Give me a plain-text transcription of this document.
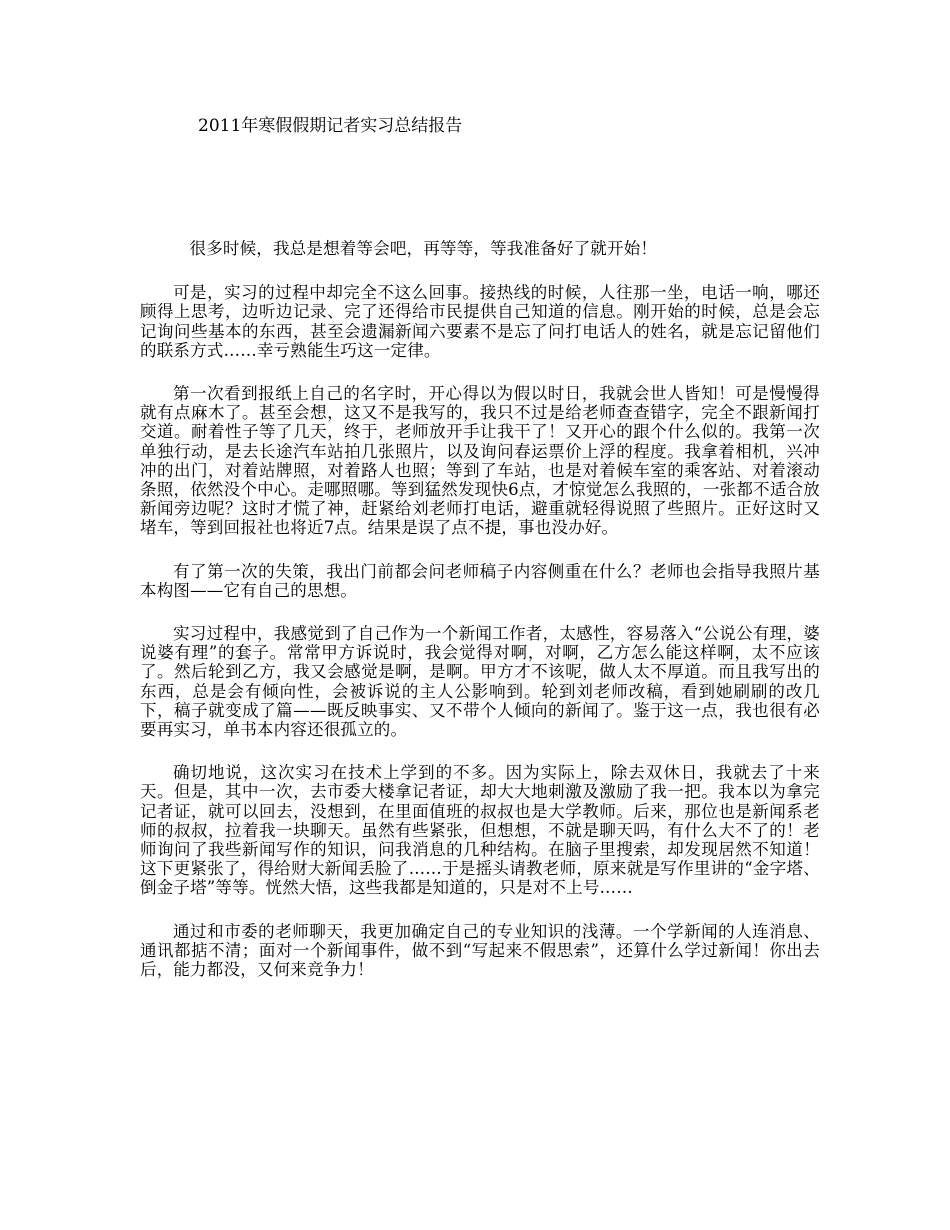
2011年寒假假期记者实习总结报告

很多时候，我总是想着等会吧，再等等，等我准备好了就开始！

可是，实习的过程中却完全不这么回事。接热线的时候，人往那一坐，电话一响，哪还顾得上思考，边听边记录、完了还得给市民提供自己知道的信息。刚开始的时候，总是会忘记询问些基本的东西，甚至会遗漏新闻六要素不是忘了问打电话人的姓名，就是忘记留他们的联系方式……幸亏熟能生巧这一定律。

第一次看到报纸上自己的名字时，开心得以为假以时日，我就会世人皆知！可是慢慢得就有点麻木了。甚至会想，这又不是我写的，我只不过是给老师查查错字，完全不跟新闻打交道。耐着性子等了几天，终于，老师放开手让我干了！又开心的跟个什么似的。我第一次单独行动，是去长途汽车站拍几张照片，以及询问春运票价上浮的程度。我拿着相机，兴冲冲的出门，对着站牌照，对着路人也照；等到了车站，也是对着候车室的乘客站、对着滚动条照，依然没个中心。走哪照哪。等到猛然发现快6点，才惊觉怎么我照的，一张都不适合放新闻旁边呢？这时才慌了神，赶紧给刘老师打电话，避重就轻得说照了些照片。正好这时又堵车，等到回报社也将近7点。结果是误了点不提，事也没办好。

有了第一次的失策，我出门前都会问老师稿子内容侧重在什么？老师也会指导我照片基本构图——它有自己的思想。

实习过程中，我感觉到了自己作为一个新闻工作者，太感性，容易落入“公说公有理，婆说婆有理”的套子。常常甲方诉说时，我会觉得对啊，对啊，乙方怎么能这样啊，太不应该了。然后轮到乙方，我又会感觉是啊，是啊。甲方才不该呢，做人太不厚道。而且我写出的东西，总是会有倾向性，会被诉说的主人公影响到。轮到刘老师改稿，看到她刷刷的改几下，稿子就变成了篇——既反映事实、又不带个人倾向的新闻了。鉴于这一点，我也很有必要再实习，单书本内容还很孤立的。

确切地说，这次实习在技术上学到的不多。因为实际上，除去双休日，我就去了十来天。但是，其中一次，去市委大楼拿记者证，却大大地刺激及激励了我一把。我本以为拿完记者证，就可以回去，没想到，在里面值班的叔叔也是大学教师。后来，那位也是新闻系老师的叔叔，拉着我一块聊天。虽然有些紧张，但想想，不就是聊天吗，有什么大不了的！老师询问了我些新闻写作的知识，问我消息的几种结构。在脑子里搜索，却发现居然不知道！这下更紧张了，得给财大新闻丢脸了……于是摇头请教老师，原来就是写作里讲的“金字塔、倒金子塔”等等。恍然大悟，这些我都是知道的，只是对不上号……

通过和市委的老师聊天，我更加确定自己的专业知识的浅薄。一个学新闻的人连消息、通讯都掂不清；面对一个新闻事件，做不到“写起来不假思索”，还算什么学过新闻！你出去后，能力都没，又何来竞争力！
